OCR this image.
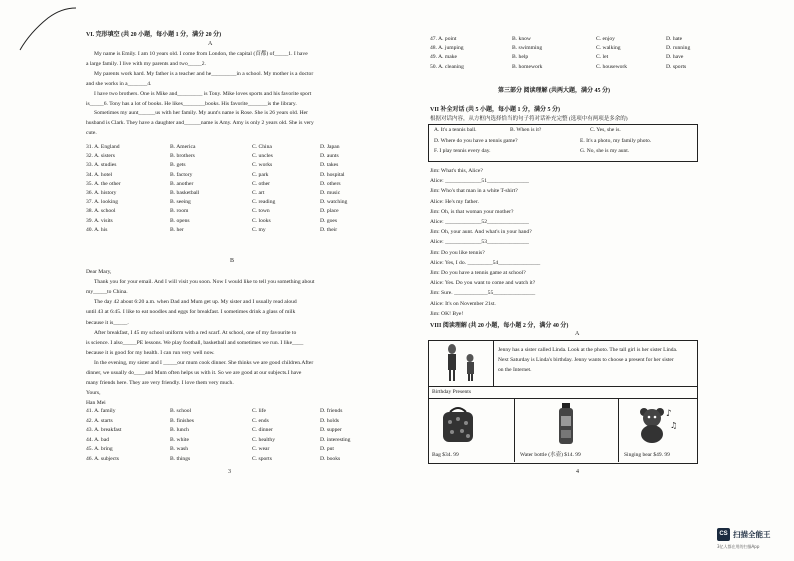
VI. 完形填空 (共 20 小题，每小题 1 分，满分 20 分)
A
My name is Emily. I am 10 years old. I come from London, the capital (首都) of_____1. I have
a large family. I live with my parents and two_____2.
My parents work hard. My father is a teacher and he_________in a school. My mother is a doctor
and she works in a_______4.
I have two brothers. One is Mike and_________ is Tony. Mike loves sports and his favorite sport
is_____6. Tony has a lot of books. He likes________books. His favorite_______is the library.
Sometimes my aunt______us with her family. My aunt's name is Rose. She is 26 years old. Her
husband is Clark. They have a daughter and______name is Amy. Amy is only 2 years old. She is very
cute.
31. A. England	B. America	C. China	D. Japan
32. A. sisters	B. brothers	C. uncles	D. aunts
33. A. studies	B. gets	C. works	D. takes
34. A. hotel	B. factory	C. park	D. hospital
35. A. the other	B. another	C. other	D. others
36. A. history	B. basketball	C. art	D. music
37. A. looking	B. seeing	C. reading	D. watching
38. A. school	B. room	C. town	D. place
39. A. visits	B. opens	C. looks	D. goes
40. A. his	B. her	C. my	D. their
B
Dear Mary,
Thank you for your email. And I will visit you soon. Now I would like to tell you something about
my_____to China.
The day 42 about 6:20 a.m. when Dad and Mum get up. My sister and I usually read aloud
until 43 at 6:45. I like to eat noodles and eggs for breakfast. I sometimes drink a glass of milk
because it is_____.
After breakfast, I 45 my school uniform with a red scarf. At school, one of my favourite to
is science. I also_____PE lessons. We play football, basketball and sometimes we run. I like____
because it is good for my health. I can run very well now.
In the evening, my sister and I _____our mum cook dinner. She thinks we are good children.After
dinner, we usually do____and Mum often helps us with it. So we are good at our subjects.I have
many friends here. They are very friendly. I love them very much.
Yours,
Han Mei
41. A. family	B. school	C. life	D. friends
42. A. starts	B. finishes	C. ends	D. holds
43. A. breakfast	B. lunch	C. dinner	D. supper
44. A. bad	B. white	C. healthy	D. interesting
45. A. bring	B. wash	C. wear	D. put
46. A. subjects	B. things	C. sports	D. books
3
47. A. point	B. know	C. enjoy	D. hate
48. A. jumping	B. swimming	C. walking	D. running
49. A. make	B. help	C. let	D. have
50. A. cleaning	B. homework	C. housework	D. sports
第三部分 阅读理解 (共两大题，满分 45 分)
VII 补全对话 (共 5 小题，每小题 1 分，满分 5 分)
根据对话内容，从方框内选择恰当的句子将对话补充完整 (选项中有两项是多余的)
A. It's a tennis ball.	B. When is it?	C. Yes, she is.
D. Where do you have a tennis game?	E. It's a photo, my family photo.
F. I play tennis every day.	G. No, she is my aunt.
Jim: What's this, Alice?
Alice: _____________51_______________
Jim: Who's that man in a white T-shirt?
Alice: He's my father.
Jim: Oh, is that woman your mother?
Alice: _____________52_______________
Jim: Oh, your aunt. And what's in your hand?
Alice: _____________53_______________
Jim: Do you like tennis?
Alice: Yes, I do. _________54_______________
Jim: Do you have a tennis game at school?
Alice: Yes. Do you want to come and watch it?
Jim: Sure. ____________55_______________
Alice: It's on November 21st.
Jim: OK! Bye!
VIII 阅读理解 (共 20 小题，每小题 2 分，满分 40 分)
A
Jenny has a sister called Linda. Look at the photo. The tall girl is her sister Linda.
Next Saturday is Linda's birthday. Jenny wants to choose a present for her sister
on the Internet.
Birthday Presents
♪
♫
Bag $34. 99	Water bottle (水壶) $14. 99	Singing bear $49. 99
4
CS 扫描全能王
3亿人都在用的扫描App
